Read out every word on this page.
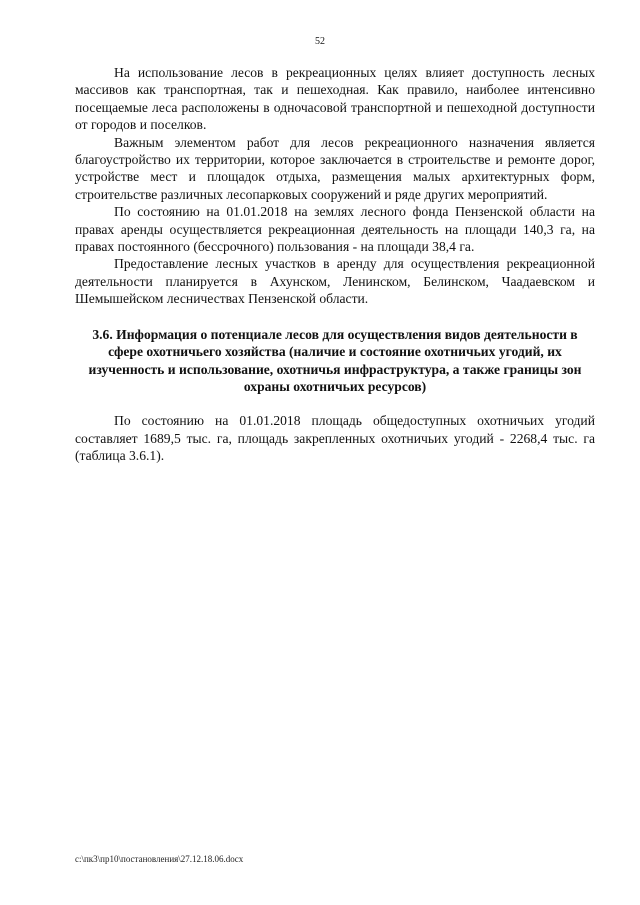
52

На использование лесов в рекреационных целях влияет доступность лесных массивов как транспортная, так и пешеходная. Как правило, наиболее интенсивно посещаемые леса расположены в одночасовой транспортной и пешеходной доступности от городов и поселков.

Важным элементом работ для лесов рекреационного назначения является благоустройство их территории, которое заключается в строительстве и ремонте дорог, устройстве мест и площадок отдыха, размещения малых архитектурных форм, строительстве различных лесопарковых сооружений и ряде других мероприятий.

По состоянию на 01.01.2018 на землях лесного фонда Пензенской области на правах аренды осуществляется рекреационная деятельность на площади 140,3 га, на правах постоянного (бессрочного) пользования - на площади 38,4 га.

Предоставление лесных участков в аренду для осуществления рекреационной деятельности планируется в Ахунском, Ленинском, Белинском, Чаадаевском и Шемышейском лесничествах Пензенской области.

3.6. Информация о потенциале лесов для осуществления видов деятельности в сфере охотничьего хозяйства (наличие и состояние охотничьих угодий, их изученность и использование, охотничья инфраструктура, а также границы зон охраны охотничьих ресурсов)

По состоянию на 01.01.2018 площадь общедоступных охотничьих угодий составляет 1689,5 тыс. га, площадь закрепленных охотничьих угодий - 2268,4 тыс. га (таблица 3.6.1).

c:\пк3\пр10\постановления\27.12.18.06.docx
